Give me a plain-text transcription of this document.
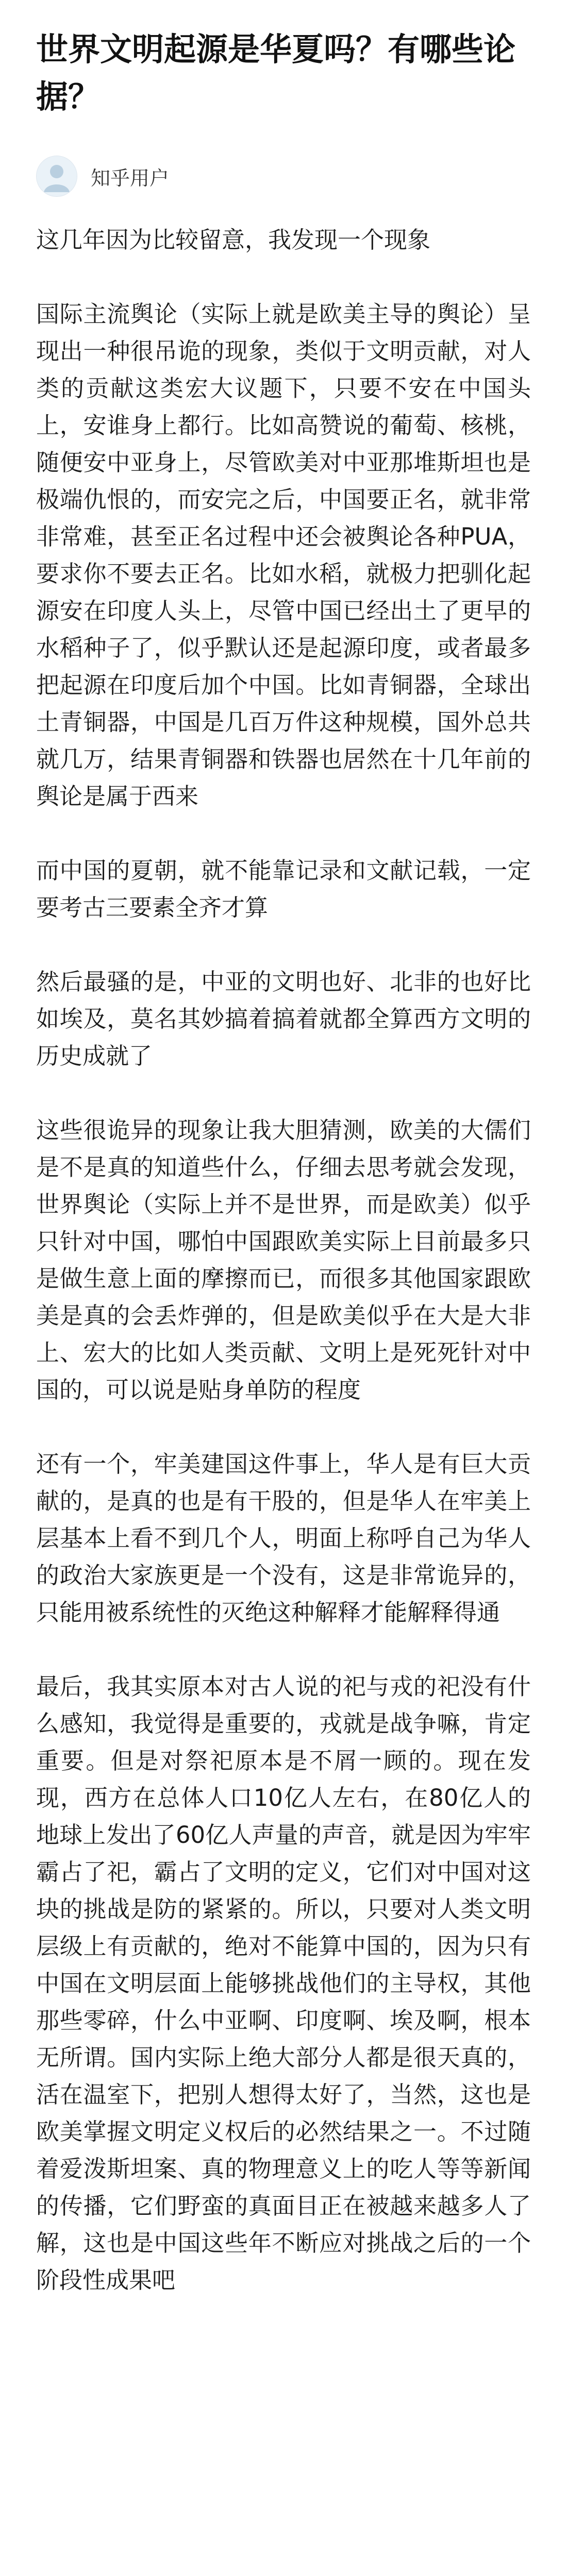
世界文明起源是华夏吗？有哪些论据？
知乎用户

这几年因为比较留意，我发现一个现象

国际主流舆论（实际上就是欧美主导的舆论）呈现出一种很吊诡的现象，类似于文明贡献，对人类的贡献这类宏大议题下，只要不安在中国头上，安谁身上都行。比如高赞说的葡萄、核桃，随便安中亚身上，尽管欧美对中亚那堆斯坦也是极端仇恨的，而安完之后，中国要正名，就非常非常难，甚至正名过程中还会被舆论各种PUA，要求你不要去正名。比如水稻，就极力把驯化起源安在印度人头上，尽管中国已经出土了更早的水稻种子了，似乎默认还是起源印度，或者最多把起源在印度后加个中国。比如青铜器，全球出土青铜器，中国是几百万件这种规模，国外总共就几万，结果青铜器和铁器也居然在十几年前的舆论是属于西来

而中国的夏朝，就不能靠记录和文献记载，一定要考古三要素全齐才算

然后最骚的是，中亚的文明也好、北非的也好比如埃及，莫名其妙搞着搞着就都全算西方文明的历史成就了

这些很诡异的现象让我大胆猜测，欧美的大儒们是不是真的知道些什么，仔细去思考就会发现，世界舆论（实际上并不是世界，而是欧美）似乎只针对中国，哪怕中国跟欧美实际上目前最多只是做生意上面的摩擦而已，而很多其他国家跟欧美是真的会丢炸弹的，但是欧美似乎在大是大非上、宏大的比如人类贡献、文明上是死死针对中国的，可以说是贴身单防的程度

还有一个，牢美建国这件事上，华人是有巨大贡献的，是真的也是有干股的，但是华人在牢美上层基本上看不到几个人，明面上称呼自己为华人的政治大家族更是一个没有，这是非常诡异的，只能用被系统性的灭绝这种解释才能解释得通

最后，我其实原本对古人说的祀与戎的祀没有什么感知，我觉得是重要的，戎就是战争嘛，肯定重要。但是对祭祀原本是不屑一顾的。现在发现，西方在总体人口10亿人左右，在80亿人的地球上发出了60亿人声量的声音，就是因为牢牢霸占了祀，霸占了文明的定义，它们对中国对这块的挑战是防的紧紧的。所以，只要对人类文明层级上有贡献的，绝对不能算中国的，因为只有中国在文明层面上能够挑战他们的主导权，其他那些零碎，什么中亚啊、印度啊、埃及啊，根本无所谓。国内实际上绝大部分人都是很天真的，活在温室下，把别人想得太好了，当然，这也是欧美掌握文明定义权后的必然结果之一。不过随着爱泼斯坦案、真的物理意义上的吃人等等新闻的传播，它们野蛮的真面目正在被越来越多人了解，这也是中国这些年不断应对挑战之后的一个阶段性成果吧
